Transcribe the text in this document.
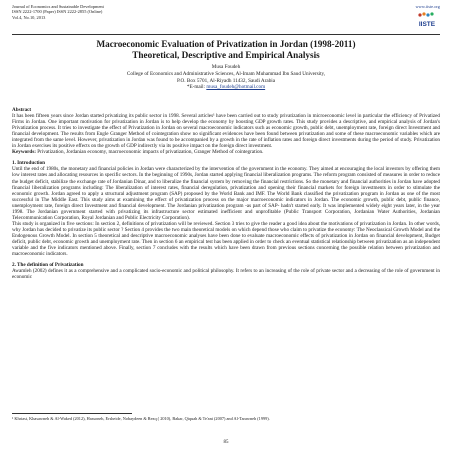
Journal of Economics and Sustainable Development
ISSN 2222-1700 (Paper) ISSN 2222-2855 (Online)
Vol.4, No.10, 2013
www.iiste.org
IISTE
Macroeconomic Evaluation of Privatization in Jordan (1998-2011)
Theoretical, Descriptive and Empirical Analysis
Musa Foudeh
College of Economics and Administrative Sciences, Al-Imam Muhammad Ibn Saud University,
P.O. Box 5701, Al-Riyadh 11432, Saudi Arabia
*E-mail: musa_foudeh@hotmail.com

Abstract

It has been fifteen years since Jordan started privatizing its public sector in 1998. Several articles¹ have been carried out to study privatization in microeconomic level in particular the efficiency of Privatized Firms in Jordan. One important motivation for privatization in Jordan is to help develop the economy by boosting GDP growth rates. This study provides a descriptive, and empirical analysis of Jordan's Privatization process. It tries to investigate the effect of Privatization in Jordan on several macroeconomic indicators such as economic growth, public debt, unemployment rate, foreign direct Investment and financial development. The results from Engle Granger Method of cointegration show no significant evidences have been found between privatization and some of these macroeconomic variables which are integrated from the same level. However, privatization in Jordan was found to be accompanied by a growth in the rate of inflation rates and foreign direct investments during the period of study. Privatization in Jordan exercises its positive effects on the growth of GDP indirectly via its positive impact on the foreign direct investment.

Keywords: Privatization, Jordanian economy, macroeconomic impacts of privatization, Granger Method of cointegration.

1. Introduction

Until the end of 1980s, the monetary and financial policies in Jordan were characterized by the intervention of the government in the economy. They aimed at encouraging the local investors by offering them low interest rates and allocating resources in specific sectors. In the beginning of 1990s, Jordan started applying financial liberalization programs. The reform program consisted of measures in order to reduce the budget deficit, stabilize the exchange rate of Jordanian Dinar, and to liberalize the financial system by removing the financial restrictions. So the monetary and financial authorities in Jordan have adopted financial liberalization programs including: The liberalization of interest rates, financial deregulation, privatization and opening their financial markets for foreign investments in order to stimulate the economic growth. Jordan agreed to apply a structural adjustment program (SAP) proposed by the World Bank and IMF. The World Bank classified the privatization program in Jordan as one of the most successful in The Middle East. This study aims at examining the effect of privatization process on the major macroeconomic indicators in Jordan. The economic growth, public debt, public finance, unemployment rate, foreign direct Investment and financial development. The Jordanian privatization program -as part of SAP- hadn't started early. It was implemented widely eight years later, in the year 1998. The Jordanian government started with privatizing its infrastructure sector estimated inefficient and unprofitable (Public Transport Corporation, Jordanian Water Authorities, Jordanian Telecommunication Corporation, Royal Jordanian and Public Electricity Corporation).

This study is organized in five sections: In section 2, definitions of privatization will be reviewed. Section 3 tries to give the reader a good idea about the motivations of privatization in Jordan. In other words, why Jordan has decided to privatize its public sector ? Section 4 provides the two main theoretical models on which depend those who claim to privatize the economy: The Neoclassical Growth Model and the Endogenous Growth Model. In section 5 theoretical and descriptive macroeconomic analyses have been done to evaluate macroeconomic effects of privatization in Jordan on financial development, Budget deficit, public debt, economic growth and unemployment rate. Then in section 6 an empirical test has been applied in order to check an eventual statistical relationship between privatization as an independent variable and the five indicators mentioned above. Finally, section 7 concludes with the results which have been drawn from previous sections concerning the possible relation between privatization and macroeconomic indicators.

2. The definition of Privatization

Awamleh (2002) defines it as a comprehensive and a complicated socio-economic and political philosophy. It refers to an increasing of the role of private sector and a decreasing of the role of government in economic

¹ Khriast, Khasawneh & Al-Waked (2012), Hassoneh, Ersheide, Nobaydeen & Rezq ( 2010), Bakar, Qiquah & Te'ani (2007) and Al-Tarawneh (1999).
85
